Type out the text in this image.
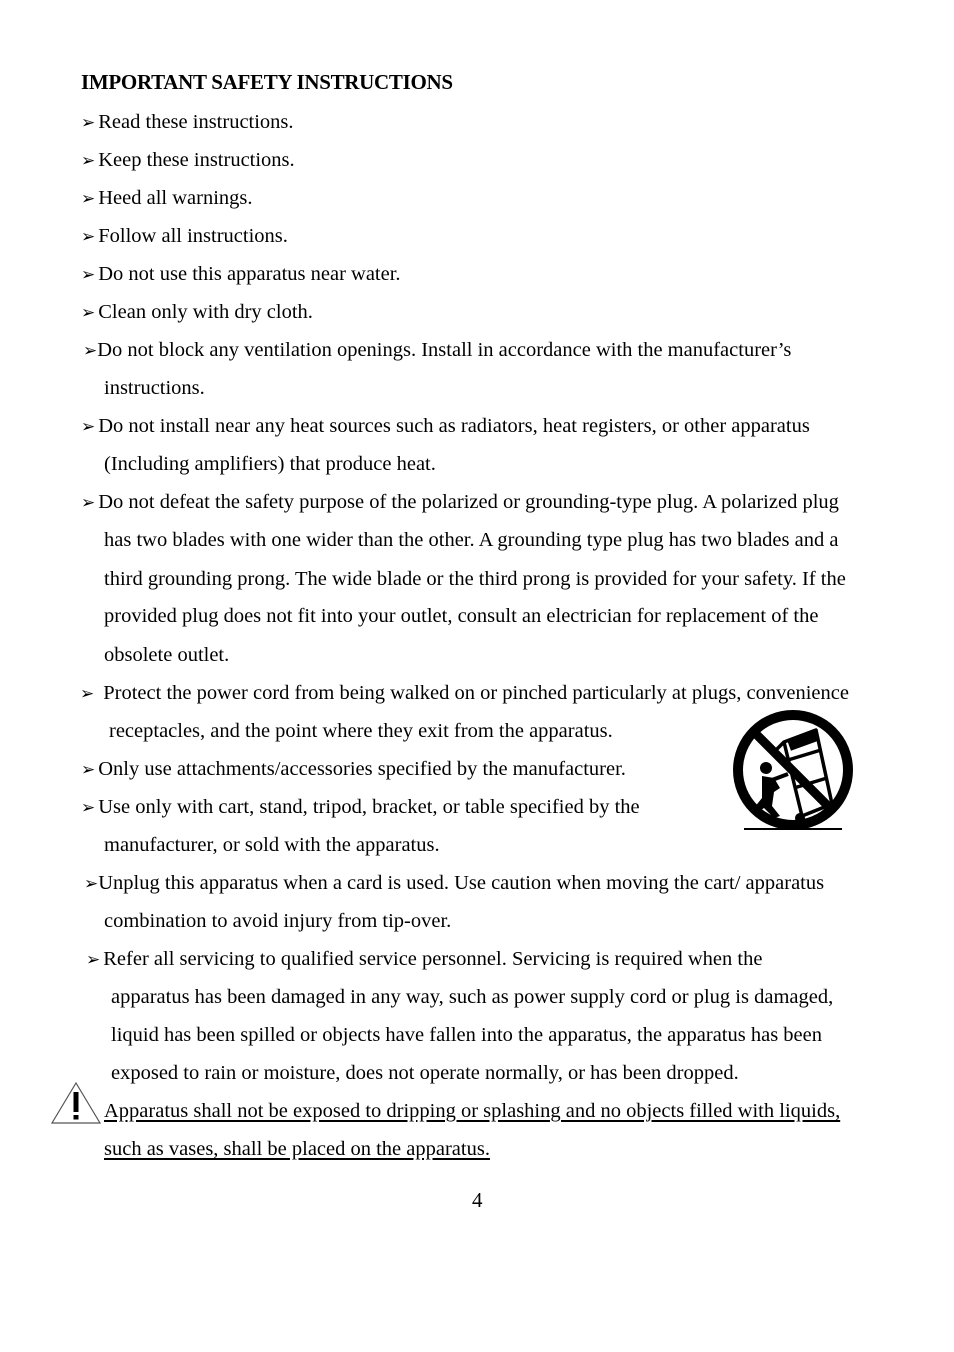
IMPORTANT SAFETY INSTRUCTIONS
➢ Read these instructions.
➢ Keep these instructions.
➢ Heed all warnings.
➢ Follow all instructions.
➢ Do not use this apparatus near water.
➢ Clean only with dry cloth.
➢Do not block any ventilation openings. Install in accordance with the manufacturer’s
instructions.
➢ Do not install near any heat sources such as radiators, heat registers, or other apparatus
(Including amplifiers) that produce heat.
➢ Do not defeat the safety purpose of the polarized or grounding-type plug. A polarized plug
has two blades with one wider than the other. A grounding type plug has two blades and a
third grounding prong. The wide blade or the third prong is provided for your safety. If the
provided plug does not fit into your outlet, consult an electrician for replacement of the
obsolete outlet.
➢ Protect the power cord from being walked on or pinched particularly at plugs, convenience
receptacles, and the point where they exit from the apparatus.
➢ Only use attachments/accessories specified by the manufacturer.
➢ Use only with cart, stand, tripod, bracket, or table specified by the
manufacturer, or sold with the apparatus.
➢Unplug this apparatus when a card is used. Use caution when moving the cart/ apparatus
combination to avoid injury from tip-over.
➢ Refer all servicing to qualified service personnel. Servicing is required when the
apparatus has been damaged in any way, such as power supply cord or plug is damaged,
liquid has been spilled or objects have fallen into the apparatus, the apparatus has been
exposed to rain or moisture, does not operate normally, or has been dropped.
Apparatus shall not be exposed to dripping or splashing and no objects filled with liquids,
such as vases, shall be placed on the apparatus.
4
